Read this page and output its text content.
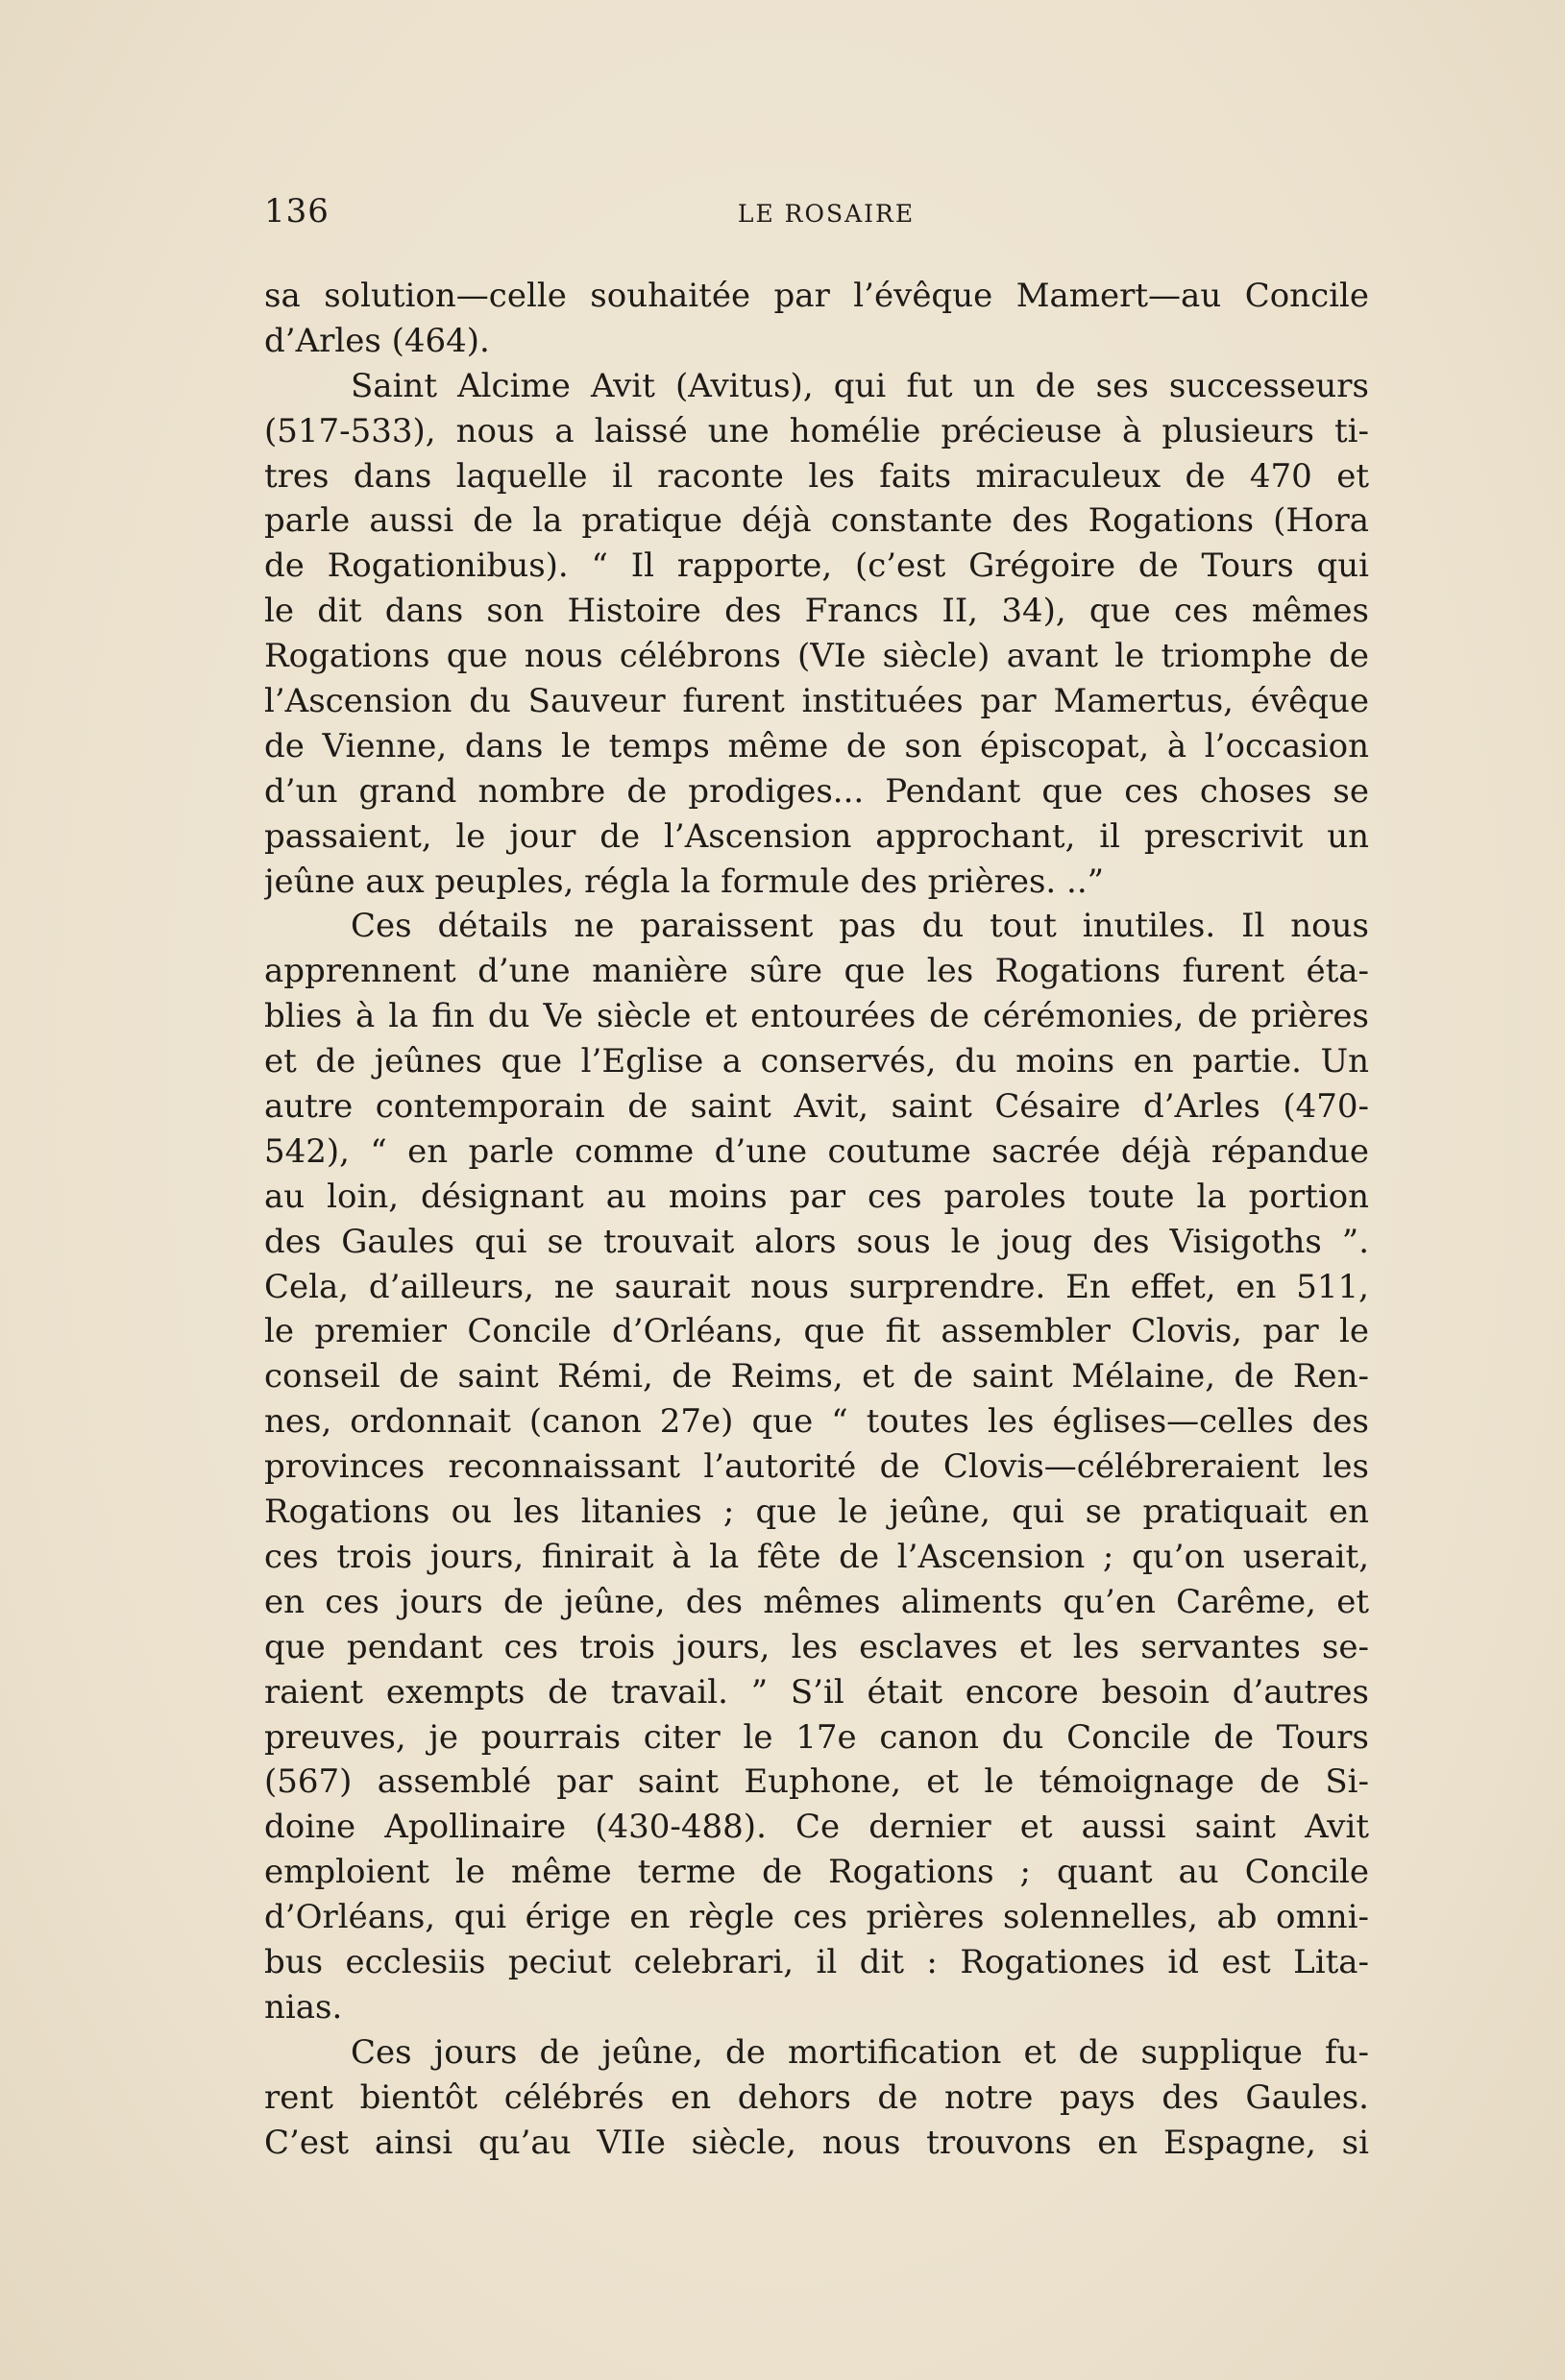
136	LE ROSAIRE
sa solution—celle souhaitée par l’évêque Mamert—au Concile
d’Arles (464).
Saint Alcime Avit (Avitus), qui fut un de ses successeurs
(517-533), nous a laissé une homélie précieuse à plusieurs ti-
tres dans laquelle il raconte les faits miraculeux de 470 et
parle aussi de la pratique déjà constante des Rogations (Hora
de Rogationibus). “ Il rapporte, (c’est Grégoire de Tours qui
le dit dans son Histoire des Francs II, 34), que ces mêmes
Rogations que nous célébrons (VIe siècle) avant le triomphe de
l’Ascension du Sauveur furent instituées par Mamertus, évêque
de Vienne, dans le temps même de son épiscopat, à l’occasion
d’un grand nombre de prodiges... Pendant que ces choses se
passaient, le jour de l’Ascension approchant, il prescrivit un
jeûne aux peuples, régla la formule des prières. ..”
Ces détails ne paraissent pas du tout inutiles. Il nous
apprennent d’une manière sûre que les Rogations furent éta-
blies à la fin du Ve siècle et entourées de cérémonies, de prières
et de jeûnes que l’Eglise a conservés, du moins en partie. Un
autre contemporain de saint Avit, saint Césaire d’Arles (470-
542), “ en parle comme d’une coutume sacrée déjà répandue
au loin, désignant au moins par ces paroles toute la portion
des Gaules qui se trouvait alors sous le joug des Visigoths ”.
Cela, d’ailleurs, ne saurait nous surprendre. En effet, en 511,
le premier Concile d’Orléans, que fit assembler Clovis, par le
conseil de saint Rémi, de Reims, et de saint Mélaine, de Ren-
nes, ordonnait (canon 27e) que “ toutes les églises—celles des
provinces reconnaissant l’autorité de Clovis—célébreraient les
Rogations ou les litanies ; que le jeûne, qui se pratiquait en
ces trois jours, finirait à la fête de l’Ascension ; qu’on userait,
en ces jours de jeûne, des mêmes aliments qu’en Carême, et
que pendant ces trois jours, les esclaves et les servantes se-
raient exempts de travail. ” S’il était encore besoin d’autres
preuves, je pourrais citer le 17e canon du Concile de Tours
(567) assemblé par saint Euphone, et le témoignage de Si-
doine Apollinaire (430-488). Ce dernier et aussi saint Avit
emploient le même terme de Rogations ; quant au Concile
d’Orléans, qui érige en règle ces prières solennelles, ab omni-
bus ecclesiis peciut celebrari, il dit : Rogationes id est Lita-
nias.
Ces jours de jeûne, de mortification et de supplique fu-
rent bientôt célébrés en dehors de notre pays des Gaules.
C’est ainsi qu’au VIIe siècle, nous trouvons en Espagne, si
